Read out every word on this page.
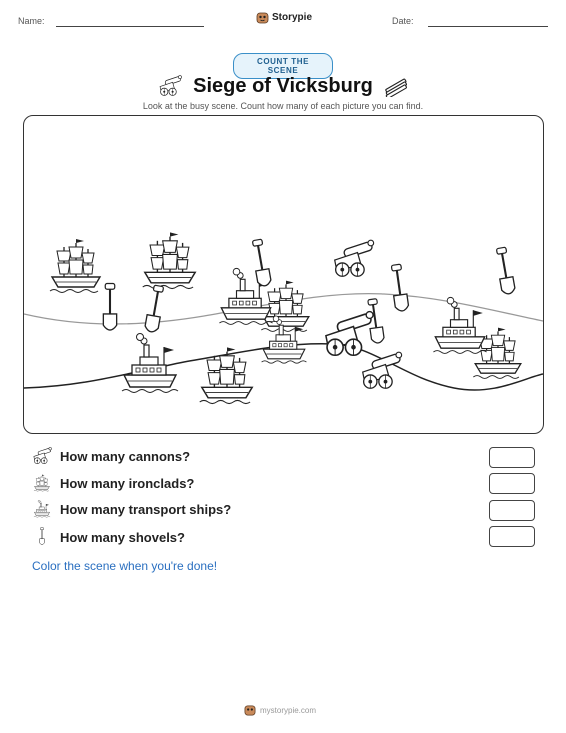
Name:	Storypie	Date:
COUNT THE SCENE
Siege of Vicksburg
Look at the busy scene. Count how many of each picture you can find.
How many cannons?
How many ironclads?
How many transport ships?
How many shovels?
Color the scene when you're done!
mystorypie.com
